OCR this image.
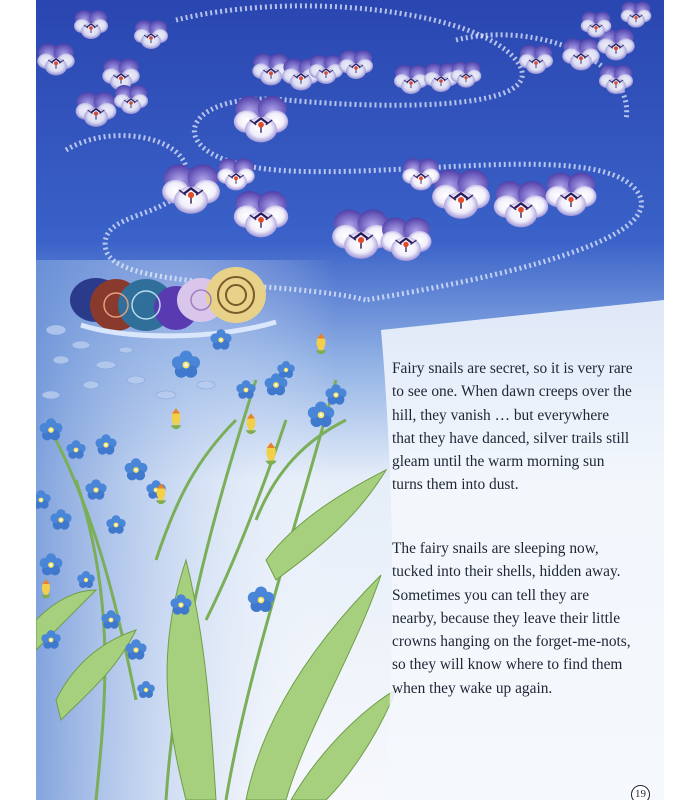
Fairy snails are secret, so it is very rare to see one. When dawn creeps over the hill, they vanish … but everywhere that they have danced, silver trails still gleam until the warm morning sun turns them into dust.

The fairy snails are sleeping now, tucked into their shells, hidden away. Sometimes you can tell they are nearby, because they leave their little crowns hanging on the forget-me-nots, so they will know where to find them when they wake up again.

19
